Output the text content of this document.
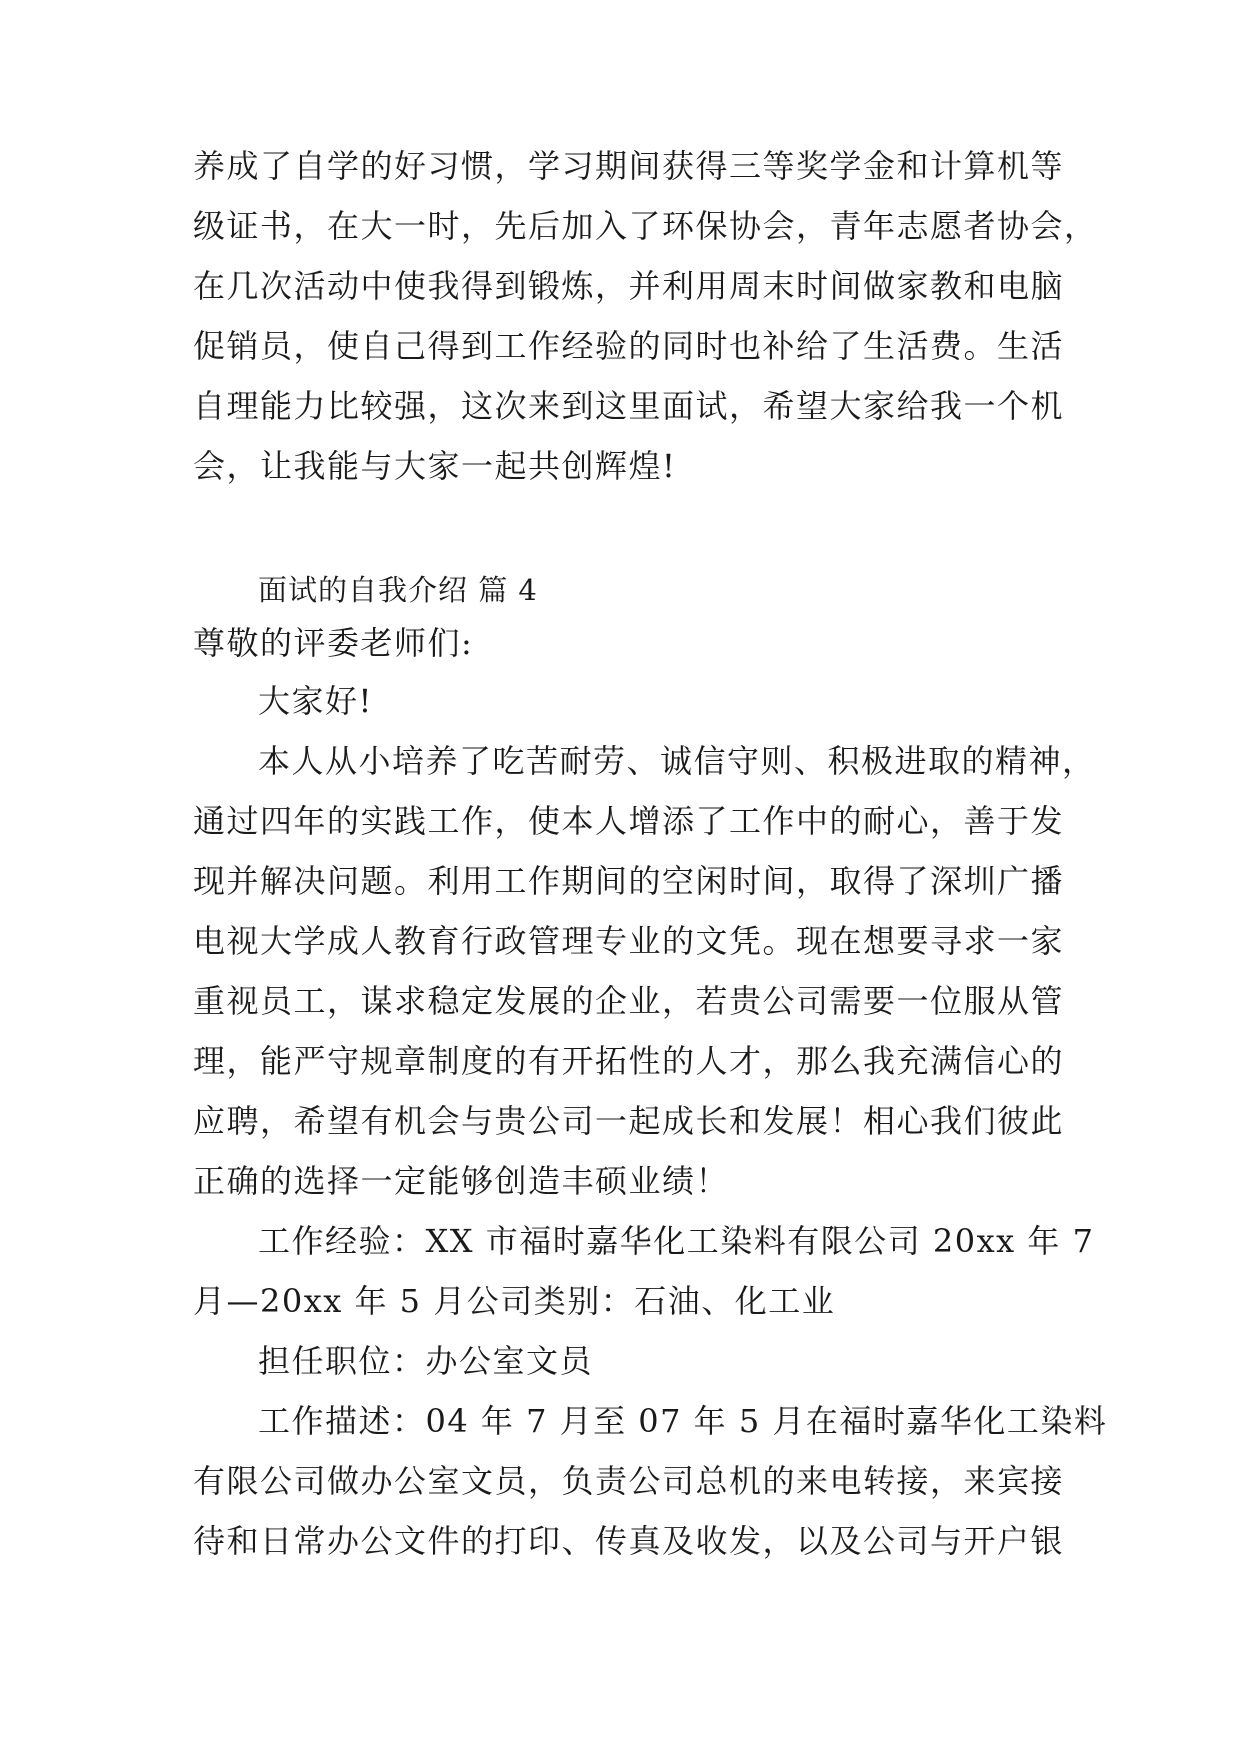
养成了自学的好习惯，学习期间获得三等奖学金和计算机等
级证书，在大一时，先后加入了环保协会，青年志愿者协会，
在几次活动中使我得到锻炼，并利用周末时间做家教和电脑
促销员，使自己得到工作经验的同时也补给了生活费。生活
自理能力比较强，这次来到这里面试，希望大家给我一个机
会，让我能与大家一起共创辉煌!
面试的自我介绍 篇 4
尊敬的评委老师们:
大家好!
本人从小培养了吃苦耐劳、诚信守则、积极进取的精神，
通过四年的实践工作，使本人增添了工作中的耐心，善于发
现并解决问题。利用工作期间的空闲时间，取得了深圳广播
电视大学成人教育行政管理专业的文凭。现在想要寻求一家
重视员工，谋求稳定发展的企业，若贵公司需要一位服从管
理，能严守规章制度的有开拓性的人才，那么我充满信心的
应聘，希望有机会与贵公司一起成长和发展！相心我们彼此
正确的选择一定能够创造丰硕业绩！
工作经验：XX 市福时嘉华化工染料有限公司 20xx 年 7
月—20xx 年 5 月公司类别：石油、化工业
担任职位：办公室文员
工作描述：04 年 7 月至 07 年 5 月在福时嘉华化工染料
有限公司做办公室文员，负责公司总机的来电转接，来宾接
待和日常办公文件的打印、传真及收发，以及公司与开户银
